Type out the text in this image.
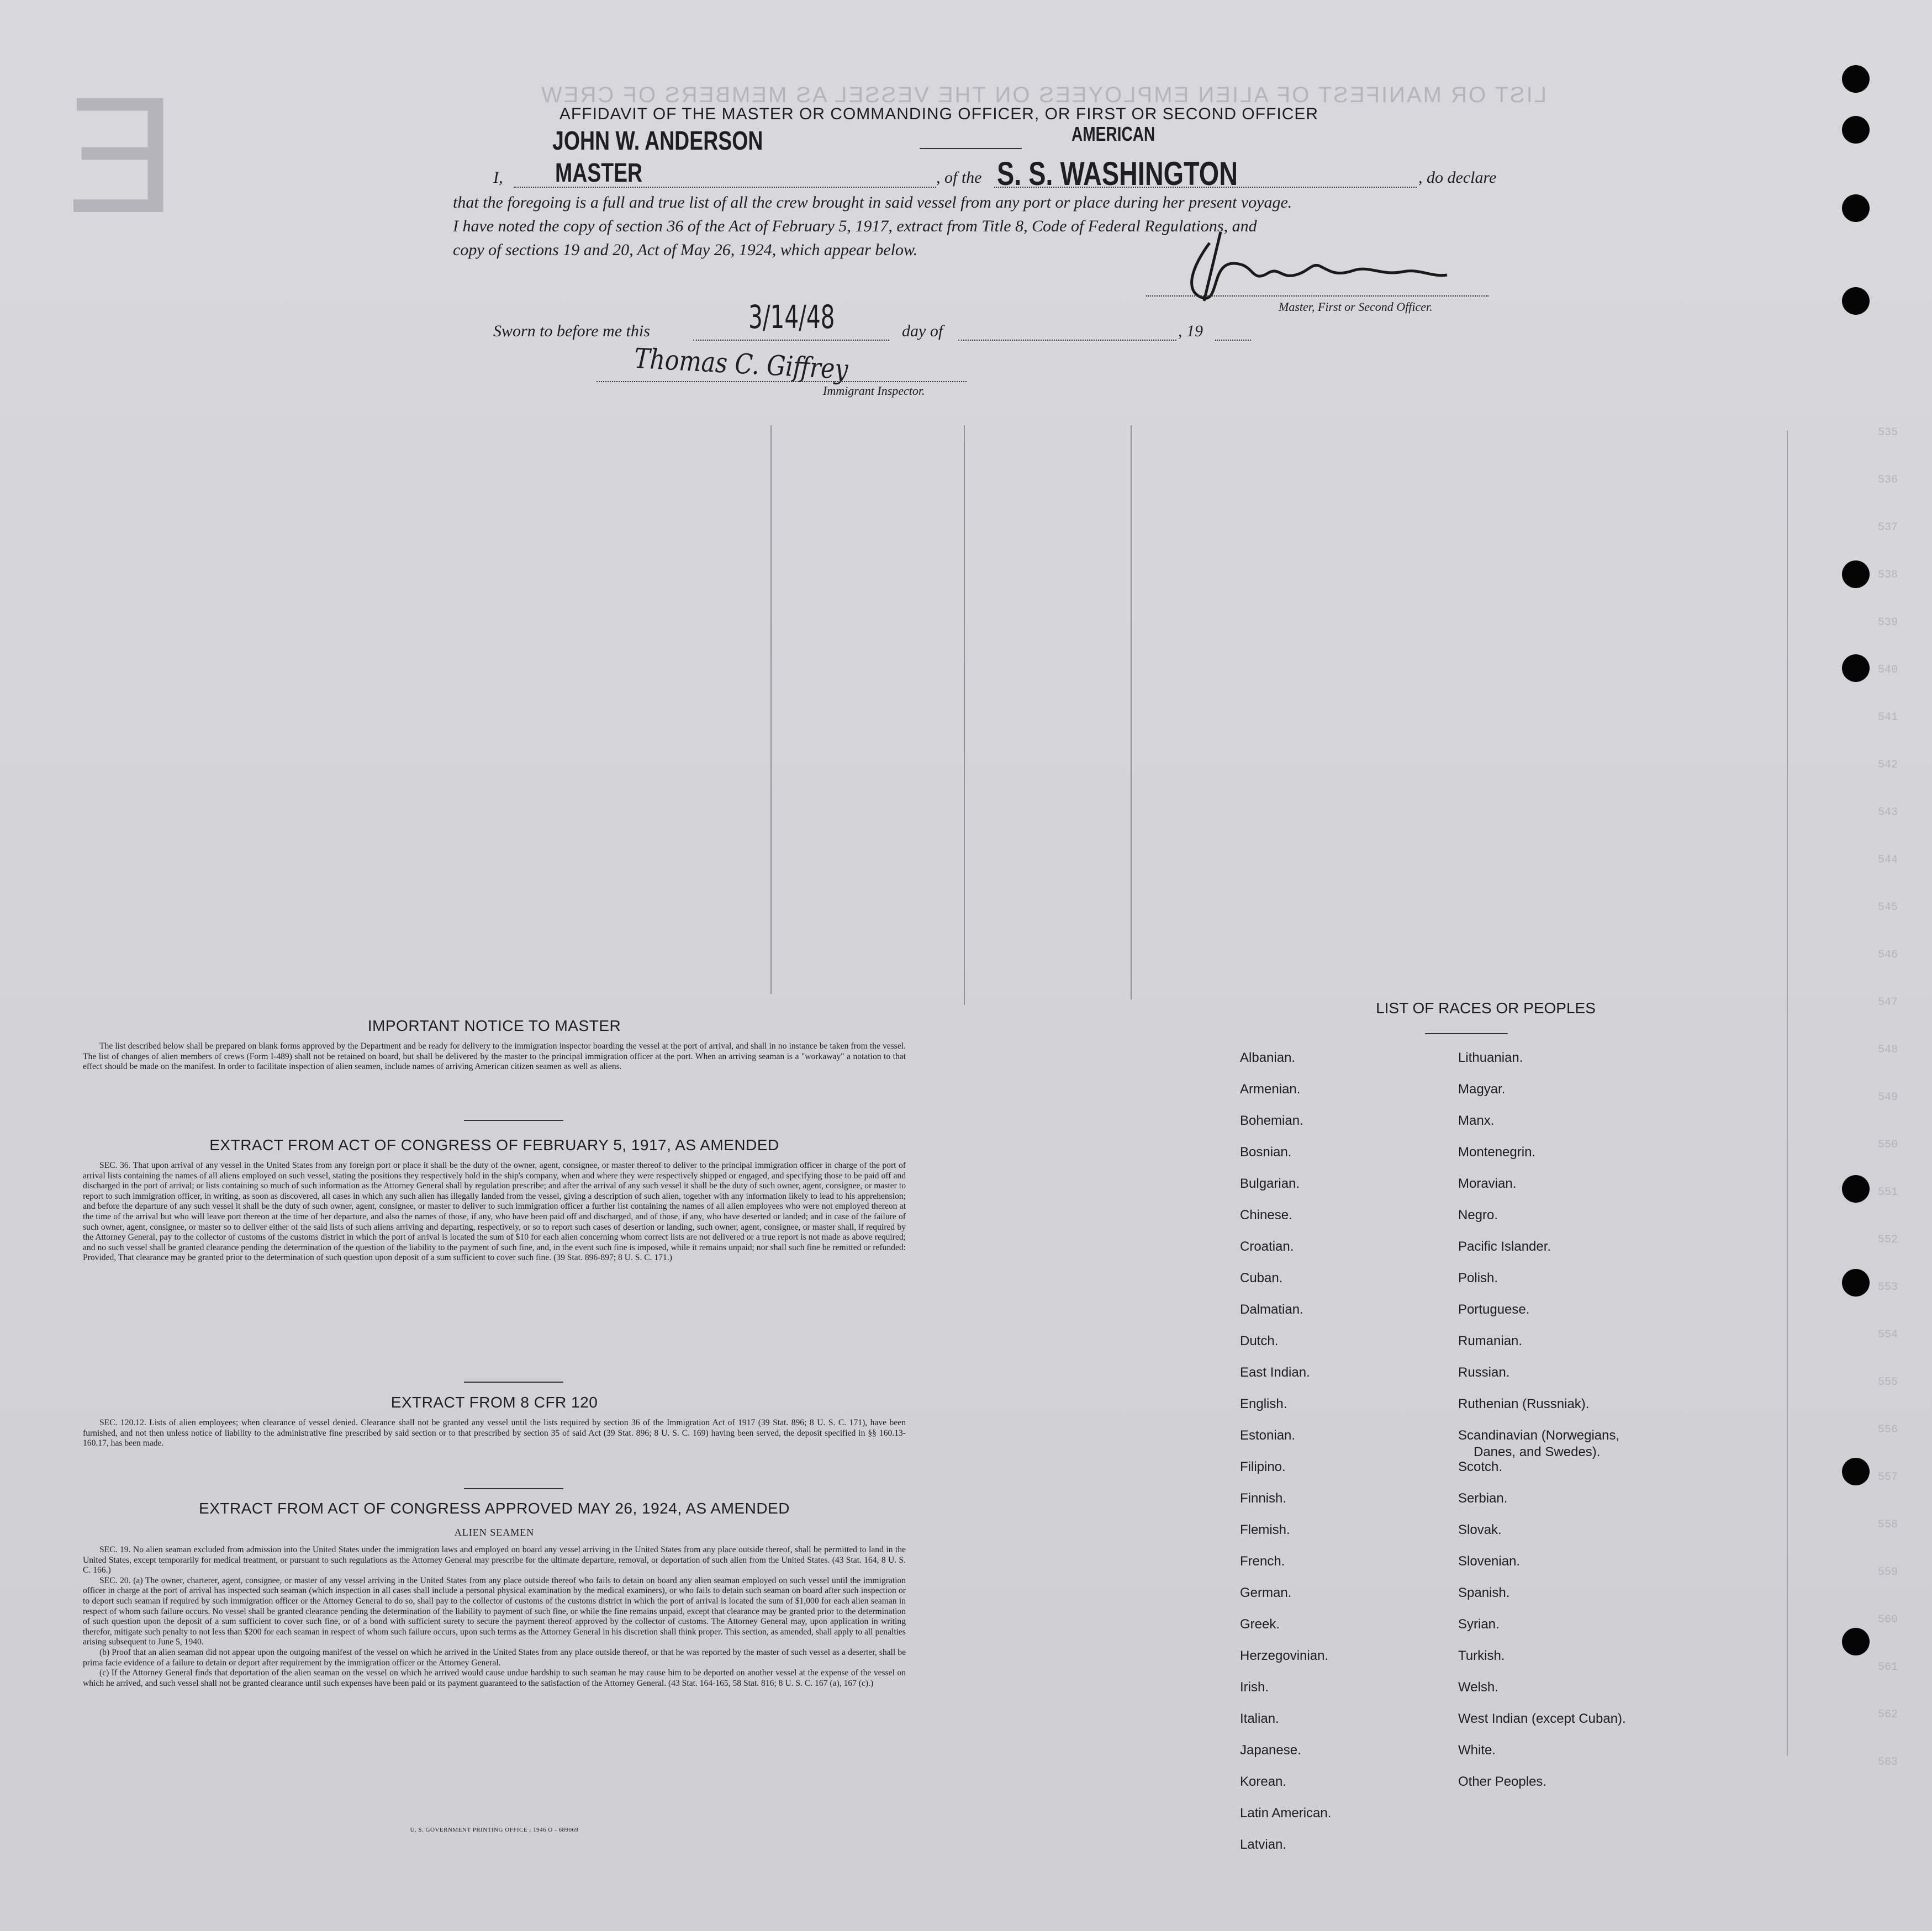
LIST OR MANIFEST OF ALIEN EMPLOYEES ON THE VESSEL AS MEMBERS OF CREW
E	AFFIDAVIT OF THE MASTER OR COMMANDING OFFICER, OR FIRST OR SECOND OFFICER
JOHN W. ANDERSON	AMERICAN
I, MASTER	, of the S. S. WASHINGTON	, do declare
that the foregoing is a full and true list of all the crew brought in said vessel from any port or place during her present voyage.
I have noted the copy of section 36 of the Act of February 5, 1917, extract from Title 8, Code of Federal Regulations, and
copy of sections 19 and 20, Act of May 26, 1924, which appear below.
Master, First or Second Officer.
Sworn to before me this	3/14/48	day of	, 19
Thomas C. Giffrey
Immigrant Inspector.
IMPORTANT NOTICE TO MASTER

The list described below shall be prepared on blank forms approved by the Department and be ready for delivery to the immigration inspector boarding the vessel at the port of arrival, and shall in no instance be taken from the vessel. The list of changes of alien members of crews (Form I-489) shall not be retained on board, but shall be delivered by the master to the principal immigration officer at the port. When an arriving seaman is a "workaway" a notation to that effect should be made on the manifest. In order to facilitate inspection of alien seamen, include names of arriving American citizen seamen as well as aliens.

EXTRACT FROM ACT OF CONGRESS OF FEBRUARY 5, 1917, AS AMENDED

SEC. 36. That upon arrival of any vessel in the United States from any foreign port or place it shall be the duty of the owner, agent, consignee, or master thereof to deliver to the principal immigration officer in charge of the port of arrival lists containing the names of all aliens employed on such vessel, stating the positions they respectively hold in the ship's company, when and where they were respectively shipped or engaged, and specifying those to be paid off and discharged in the port of arrival; or lists containing so much of such information as the Attorney General shall by regulation prescribe; and after the arrival of any such vessel it shall be the duty of such owner, agent, consignee, or master to report to such immigration officer, in writing, as soon as discovered, all cases in which any such alien has illegally landed from the vessel, giving a description of such alien, together with any information likely to lead to his apprehension; and before the departure of any such vessel it shall be the duty of such owner, agent, consignee, or master to deliver to such immigration officer a further list containing the names of all alien employees who were not employed thereon at the time of the arrival but who will leave port thereon at the time of her departure, and also the names of those, if any, who have been paid off and discharged, and of those, if any, who have deserted or landed; and in case of the failure of such owner, agent, consignee, or master so to deliver either of the said lists of such aliens arriving and departing, respectively, or so to report such cases of desertion or landing, such owner, agent, consignee, or master shall, if required by the Attorney General, pay to the collector of customs of the customs district in which the port of arrival is located the sum of $10 for each alien concerning whom correct lists are not delivered or a true report is not made as above required; and no such vessel shall be granted clearance pending the determination of the question of the liability to the payment of such fine, and, in the event such fine is imposed, while it remains unpaid; nor shall such fine be remitted or refunded: Provided, That clearance may be granted prior to the determination of such question upon deposit of a sum sufficient to cover such fine. (39 Stat. 896-897; 8 U. S. C. 171.)

EXTRACT FROM 8 CFR 120

SEC. 120.12. Lists of alien employees; when clearance of vessel denied. Clearance shall not be granted any vessel until the lists required by section 36 of the Immigration Act of 1917 (39 Stat. 896; 8 U. S. C. 171), have been furnished, and not then unless notice of liability to the administrative fine prescribed by said section or to that prescribed by section 35 of said Act (39 Stat. 896; 8 U. S. C. 169) having been served, the deposit specified in §§ 160.13-160.17, has been made.

EXTRACT FROM ACT OF CONGRESS APPROVED MAY 26, 1924, AS AMENDED
ALIEN SEAMEN

SEC. 19. No alien seaman excluded from admission into the United States under the immigration laws and employed on board any vessel arriving in the United States from any place outside thereof, shall be permitted to land in the United States, except temporarily for medical treatment, or pursuant to such regulations as the Attorney General may prescribe for the ultimate departure, removal, or deportation of such alien from the United States. (43 Stat. 164, 8 U. S. C. 166.)

SEC. 20. (a) The owner, charterer, agent, consignee, or master of any vessel arriving in the United States from any place outside thereof who fails to detain on board any alien seaman employed on such vessel until the immigration officer in charge at the port of arrival has inspected such seaman (which inspection in all cases shall include a personal physical examination by the medical examiners), or who fails to detain such seaman on board after such inspection or to deport such seaman if required by such immigration officer or the Attorney General to do so, shall pay to the collector of customs of the customs district in which the port of arrival is located the sum of $1,000 for each alien seaman in respect of whom such failure occurs. No vessel shall be granted clearance pending the determination of the liability to payment of such fine, or while the fine remains unpaid, except that clearance may be granted prior to the determination of such question upon the deposit of a sum sufficient to cover such fine, or of a bond with sufficient surety to secure the payment thereof approved by the collector of customs. The Attorney General may, upon application in writing therefor, mitigate such penalty to not less than $200 for each seaman in respect of whom such failure occurs, upon such terms as the Attorney General in his discretion shall think proper. This section, as amended, shall apply to all penalties arising subsequent to June 5, 1940.

(b) Proof that an alien seaman did not appear upon the outgoing manifest of the vessel on which he arrived in the United States from any place outside thereof, or that he was reported by the master of such vessel as a deserter, shall be prima facie evidence of a failure to detain or deport after requirement by the immigration officer or the Attorney General.

(c) If the Attorney General finds that deportation of the alien seaman on the vessel on which he arrived would cause undue hardship to such seaman he may cause him to be deported on another vessel at the expense of the vessel on which he arrived, and such vessel shall not be granted clearance until such expenses have been paid or its payment guaranteed to the satisfaction of the Attorney General. (43 Stat. 164-165, 58 Stat. 816; 8 U. S. C. 167 (a), 167 (c).)

U. S. GOVERNMENT PRINTING OFFICE : 1946 O - 689069
LIST OF RACES OR PEOPLES
Albanian.
Armenian.
Bohemian.
Bosnian.
Bulgarian.
Chinese.
Croatian.
Cuban.
Dalmatian.
Dutch.
East Indian.
English.
Estonian.
Filipino.
Finnish.
Flemish.
French.
German.
Greek.
Herzegovinian.
Irish.
Italian.
Japanese.
Korean.
Latin American.
Latvian.
Lithuanian.
Magyar.
Manx.
Montenegrin.
Moravian.
Negro.
Pacific Islander.
Polish.
Portuguese.
Rumanian.
Russian.
Ruthenian (Russniak).
Scandinavian (Norwegians,
Danes, and Swedes).
Scotch.
Serbian.
Slovak.
Slovenian.
Spanish.
Syrian.
Turkish.
Welsh.
West Indian (except Cuban).
White.
Other Peoples.
535
536
537
538
539
540
541
542
543
544
545
546
547
548
549
550
551
552
553
554
555
556
557
558
559
560
561
562
563
